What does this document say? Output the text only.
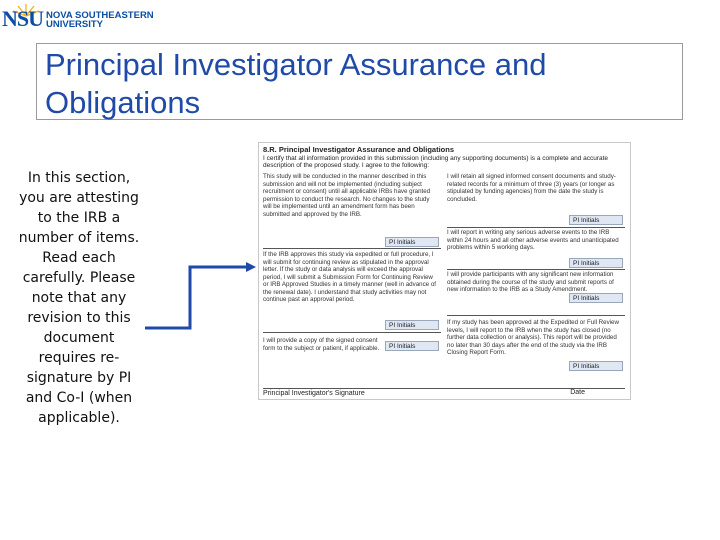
NSU NOVA SOUTHEASTERN
UNIVERSITY
Principal Investigator Assurance and
Obligations
In this section, you are attesting to the IRB a number of items. Read each carefully. Please note that any revision to this document requires re-signature by PI and Co-I (when applicable).
8.R. Principal Investigator Assurance and Obligations
I certify that all information provided in this submission (including any supporting documents) is a complete and accurate description of the proposed study. I agree to the following:
This study will be conducted in the manner described in this submission and will not be implemented (including subject recruitment or consent) until all applicable IRBs have granted permission to conduct the research. No changes to the study will be implemented until an amendment form has been submitted and approved by the IRB.
PI Initials
If the IRB approves this study via expedited or full procedure, I will submit for continuing review as stipulated in the approval letter. If the study or data analysis will exceed the approval period, I will submit a Submission Form for Continuing Review or IRB Approved Studies in a timely manner (well in advance of the renewal date). I understand that study activities may not continue past an approval period.
PI Initials
I will provide a copy of the signed consent form to the subject or patient, if applicable.	PI Initials
I will retain all signed informed consent documents and study-related records for a minimum of three (3) years (or longer as stipulated by funding agencies) from the date the study is concluded.
PI Initials
I will report in writing any serious adverse events to the IRB within 24 hours and all other adverse events and unanticipated problems within 5 working days.
PI Initials
I will provide participants with any significant new information obtained during the course of the study and submit reports of new information to the IRB as a Study Amendment.
PI Initials
If my study has been approved at the Expedited or Full Review levels, I will report to the IRB when the study has closed (no further data collection or analysis). This report will be provided no later than 30 days after the end of the study via the IRB Closing Report Form.
PI Initials
Principal Investigator's Signature	Date
